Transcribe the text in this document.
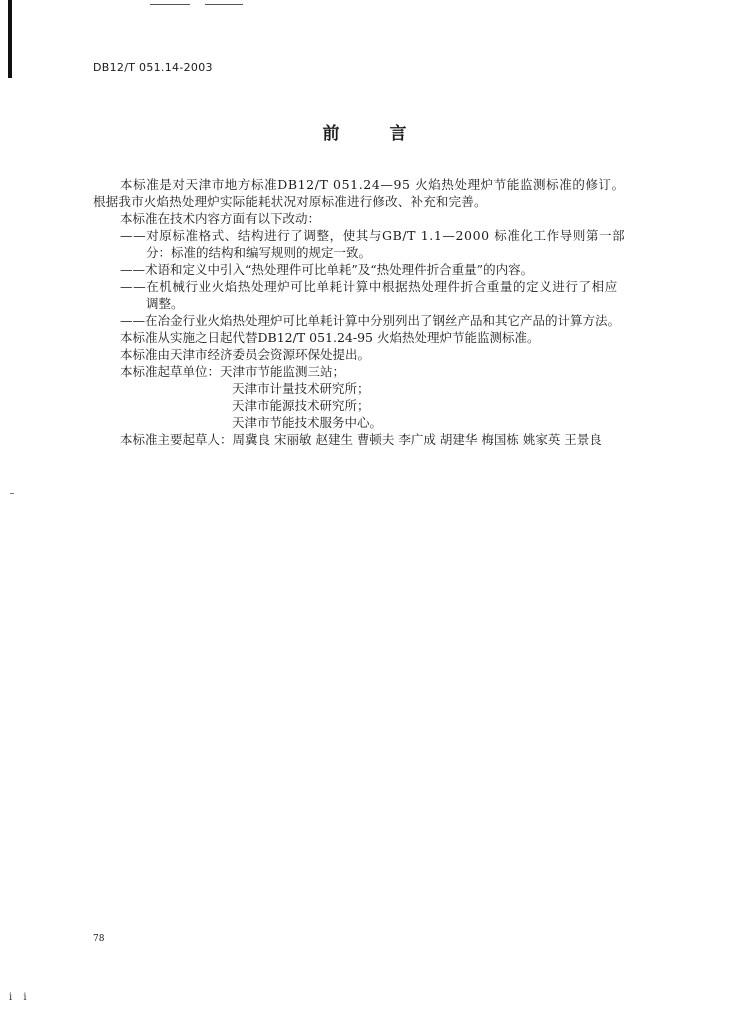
DB12/T 051.14-2003
前 言
本标准是对天津市地方标准DB12/T 051.24—95 火焰热处理炉节能监测标准的修订。
根据我市火焰热处理炉实际能耗状况对原标准进行修改、补充和完善。
本标准在技术内容方面有以下改动：
——对原标准格式、结构进行了调整，使其与GB/T 1.1—2000 标准化工作导则第一部
分：标准的结构和编写规则的规定一致。
——术语和定义中引入“热处理件可比单耗”及“热处理件折合重量”的内容。
——在机械行业火焰热处理炉可比单耗计算中根据热处理件折合重量的定义进行了相应
调整。
——在冶金行业火焰热处理炉可比单耗计算中分别列出了钢丝产品和其它产品的计算方法。
本标准从实施之日起代替DB12/T 051.24-95 火焰热处理炉节能监测标准。
本标准由天津市经济委员会资源环保处提出。
本标准起草单位：天津市节能监测三站；
天津市计量技术研究所；
天津市能源技术研究所；
天津市节能技术服务中心。
本标准主要起草人：周冀良 宋丽敏 赵建生 曹顿夫 李广成 胡建华 梅国栋 姚家英 王景良
78
i i
